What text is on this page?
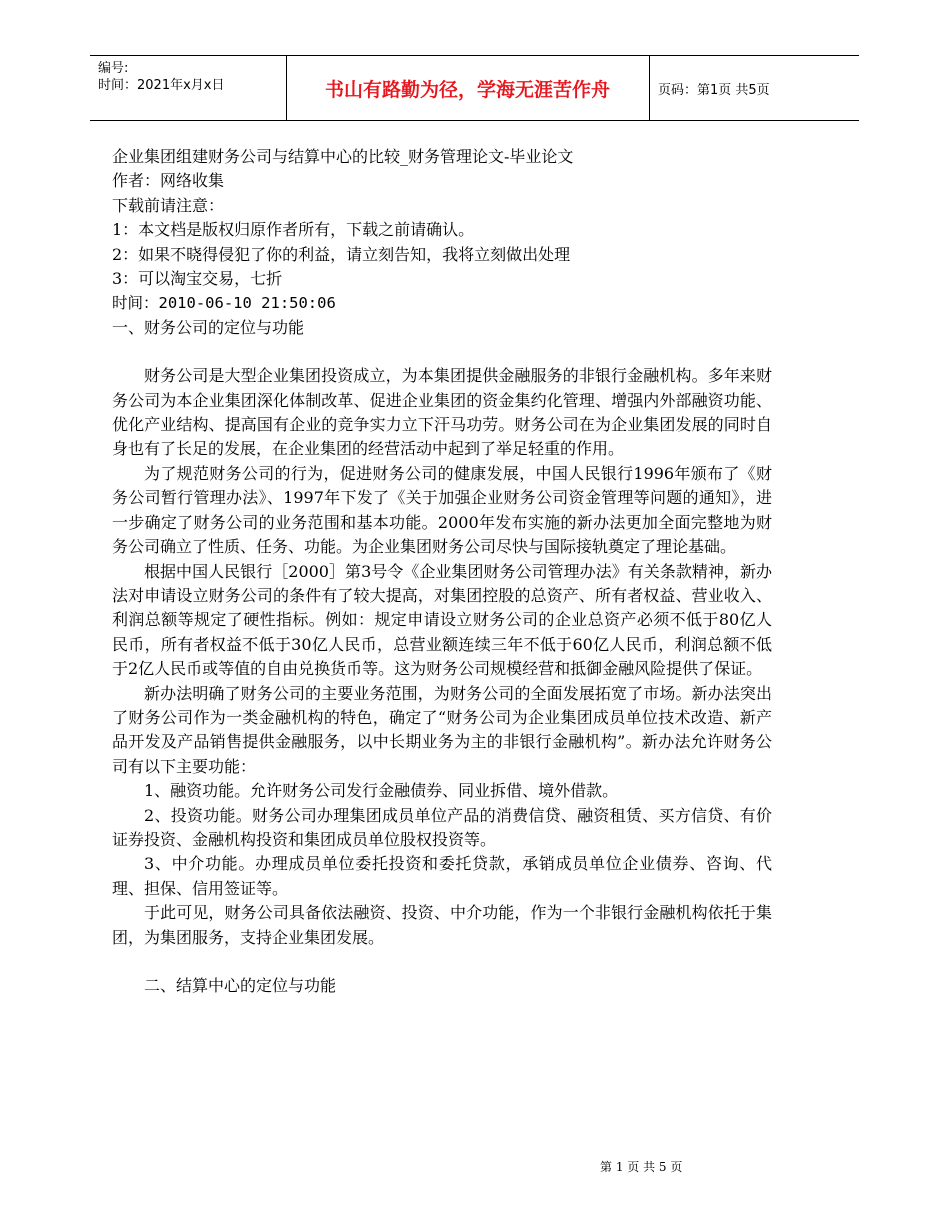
编号:
时间：2021年x月x日	书山有路勤为径，学海无涯苦作舟	页码：第1页 共5页
企业集团组建财务公司与结算中心的比较_财务管理论文-毕业论文
作者：网络收集
下载前请注意：
1：本文档是版权归原作者所有，下载之前请确认。
2：如果不晓得侵犯了你的利益，请立刻告知，我将立刻做出处理
3：可以淘宝交易，七折
时间：2010-06-10 21:50:06
一、财务公司的定位与功能

财务公司是大型企业集团投资成立，为本集团提供金融服务的非银行金融机构。多年来财务公司为本企业集团深化体制改革、促进企业集团的资金集约化管理、增强内外部融资功能、优化产业结构、提高国有企业的竞争实力立下汗马功劳。财务公司在为企业集团发展的同时自身也有了长足的发展，在企业集团的经营活动中起到了举足轻重的作用。

为了规范财务公司的行为，促进财务公司的健康发展，中国人民银行1996年颁布了《财务公司暂行管理办法》、1997年下发了《关于加强企业财务公司资金管理等问题的通知》，进一步确定了财务公司的业务范围和基本功能。2000年发布实施的新办法更加全面完整地为财务公司确立了性质、任务、功能。为企业集团财务公司尽快与国际接轨奠定了理论基础。

根据中国人民银行［2000］第3号令《企业集团财务公司管理办法》有关条款精神，新办法对申请设立财务公司的条件有了较大提高，对集团控股的总资产、所有者权益、营业收入、利润总额等规定了硬性指标。例如：规定申请设立财务公司的企业总资产必须不低于80亿人民币，所有者权益不低于30亿人民币，总营业额连续三年不低于60亿人民币，利润总额不低于2亿人民币或等值的自由兑换货币等。这为财务公司规模经营和抵御金融风险提供了保证。

新办法明确了财务公司的主要业务范围，为财务公司的全面发展拓宽了市场。新办法突出了财务公司作为一类金融机构的特色，确定了“财务公司为企业集团成员单位技术改造、新产品开发及产品销售提供金融服务，以中长期业务为主的非银行金融机构”。新办法允许财务公司有以下主要功能：

1、融资功能。允许财务公司发行金融债券、同业拆借、境外借款。

2、投资功能。财务公司办理集团成员单位产品的消费信贷、融资租赁、买方信贷、有价证券投资、金融机构投资和集团成员单位股权投资等。

3、中介功能。办理成员单位委托投资和委托贷款，承销成员单位企业债券、咨询、代理、担保、信用签证等。

于此可见，财务公司具备依法融资、投资、中介功能，作为一个非银行金融机构依托于集团，为集团服务，支持企业集团发展。

二、结算中心的定位与功能

第 1 页 共 5 页
